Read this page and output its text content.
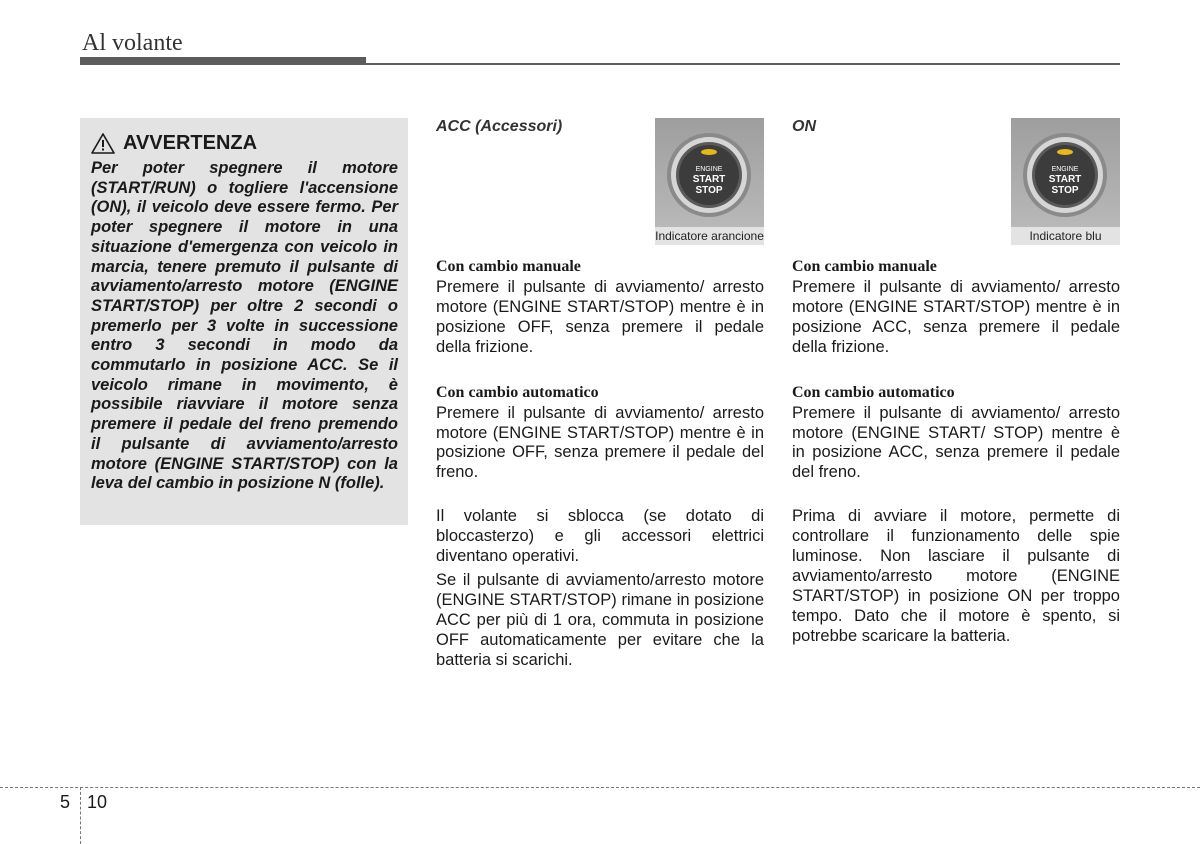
Al volante
AVVERTENZA

Per poter spegnere il motore (START/RUN) o togliere l'accensione (ON), il veicolo deve essere fermo. Per poter spegnere il motore in una situazione d'emergenza con veicolo in marcia, tenere premuto il pulsante di avviamento/arresto motore (ENGINE START/STOP) per oltre 2 secondi o premerlo per 3 volte in successione entro 3 secondi in modo da commutarlo in posizione ACC. Se il veicolo rimane in movimento, è possibile riavviare il motore senza premere il pedale del freno premendo il pulsante di avviamento/arresto motore (ENGINE START/STOP) con la leva del cambio in posizione N (folle).

ACC (Accessori)
ENGINE
START
STOP
Indicatore arancione
Con cambio manuale

Premere il pulsante di avviamento/ arresto motore (ENGINE START/STOP) mentre è in posizione OFF, senza premere il pedale della frizione.

Con cambio automatico

Premere il pulsante di avviamento/ arresto motore (ENGINE START/STOP) mentre è in posizione OFF, senza premere il pedale del freno.

Il volante si sblocca (se dotato di bloccasterzo) e gli accessori elettrici diventano operativi.

Se il pulsante di avviamento/arresto motore (ENGINE START/STOP) rimane in posizione ACC per più di 1 ora, commuta in posizione OFF automaticamente per evitare che la batteria si scarichi.

ON
ENGINE
START
STOP
Indicatore blu
Con cambio manuale

Premere il pulsante di avviamento/ arresto motore (ENGINE START/STOP) mentre è in posizione ACC, senza premere il pedale della frizione.

Con cambio automatico

Premere il pulsante di avviamento/ arresto motore (ENGINE START/ STOP) mentre è in posizione ACC, senza premere il pedale del freno.

Prima di avviare il motore, permette di controllare il funzionamento delle spie luminose. Non lasciare il pulsante di avviamento/arresto motore (ENGINE START/STOP) in posizione ON per troppo tempo. Dato che il motore è spento, si potrebbe scaricare la batteria.

5 10
